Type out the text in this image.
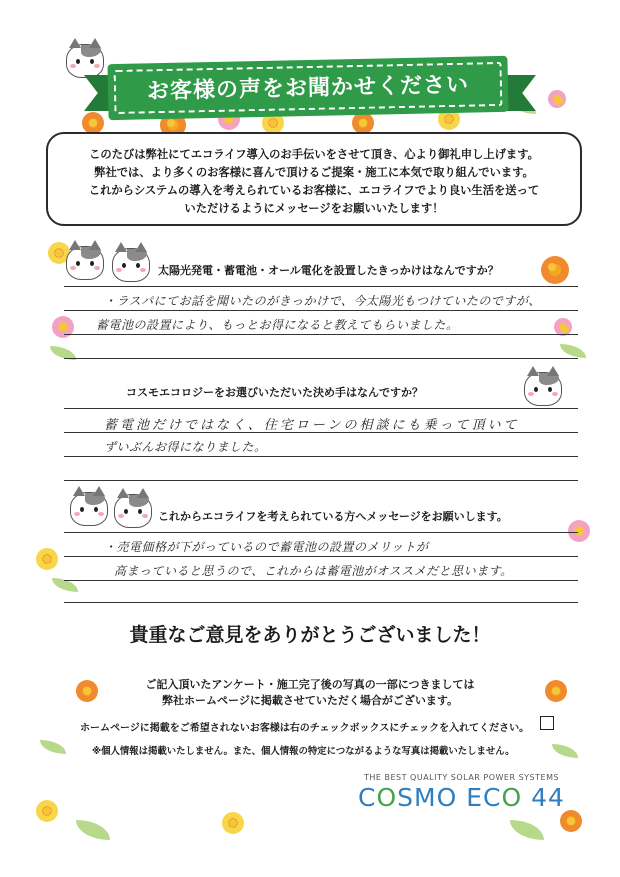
お客様の声をお聞かせください

このたびは弊社にてエコライフ導入のお手伝いをさせて頂き、心より御礼申し上げます。

弊社では、より多くのお客様に喜んで頂けるご提案・施工に本気で取り組んでいます。

これからシステムの導入を考えられているお客様に、エコライフでより良い生活を送って

いただけるようにメッセージをお願いいたします！

太陽光発電・蓄電池・オール電化を設置したきっかけはなんですか？
・ラスパにてお話を聞いたのがきっかけで、今太陽光もつけていたのですが、
蓄電池の設置により、もっとお得になると教えてもらいました。
コスモエコロジーをお選びいただいた決め手はなんですか？
蓄電池だけではなく、住宅ローンの相談にも乗って頂いて
ずいぶんお得になりました。
これからエコライフを考えられている方へメッセージをお願いします。
・売電価格が下がっているので蓄電池の設置のメリットが
高まっていると思うので、これからは蓄電池がオススメだと思います。
貴重なご意見をありがとうございました！
ご記入頂いたアンケート・施工完了後の写真の一部につきましては
弊社ホームページに掲載させていただく場合がございます。
ホームページに掲載をご希望されないお客様は右のチェックボックスにチェックを入れてください。
※個人情報は掲載いたしません。また、個人情報の特定につながるような写真は掲載いたしません。
THE BEST QUALITY SOLAR POWER SYSTEMS
COSMO ECO 44
